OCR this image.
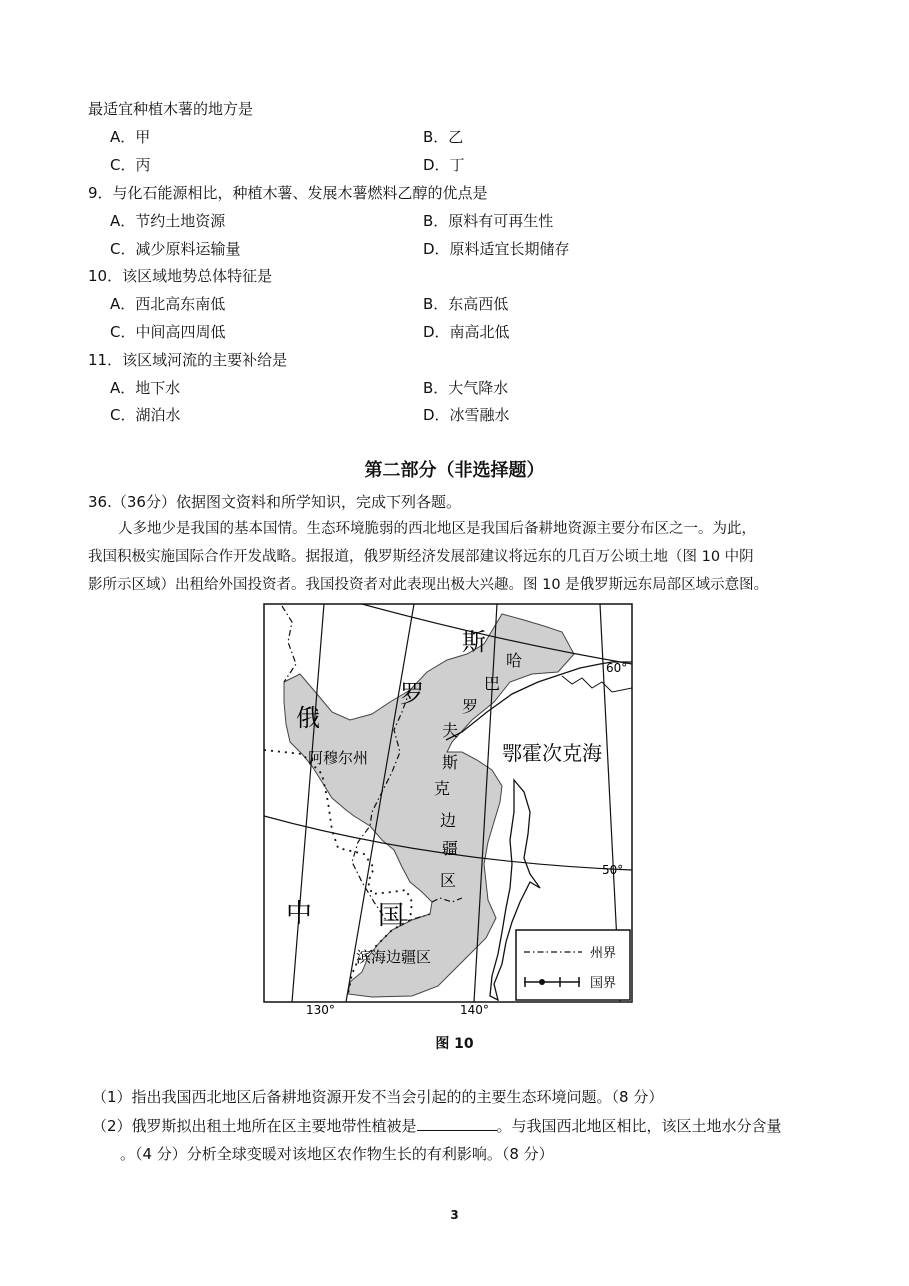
最适宜种植木薯的地方是
A．甲	B．乙
C．丙	D．丁
9．与化石能源相比，种植木薯、发展木薯燃料乙醇的优点是
A．节约土地资源	B．原料有可再生性
C．减少原料运输量	D．原料适宜长期储存
10．该区域地势总体特征是
A．西北高东南低	B．东高西低
C．中间高四周低	D．南高北低
11．该区域河流的主要补给是
A．地下水	B．大气降水
C．湖泊水	D．冰雪融水
第二部分（非选择题）
36.（36分）依据图文资料和所学知识，完成下列各题。
人多地少是我国的基本国情。生态环境脆弱的西北地区是我国后备耕地资源主要分布区之一。为此，
我国积极实施国际合作开发战略。据报道，俄罗斯经济发展部建议将远东的几百万公顷土地（图 10 中阴
影所示区域）出租给外国投资者。我国投资者对此表现出极大兴趣。图 10 是俄罗斯远东局部区域示意图。
斯
罗
俄
哈
巴
罗
夫
斯
克
边
疆
区
阿穆尔州	鄂霍次克海
中	国
滨海边疆区	州界
国界
60°
50°
130°	140°
图 10
（1）指出我国西北地区后备耕地资源开发不当会引起的的主要生态环境问题。（8 分）
（2）俄罗斯拟出租土地所在区主要地带性植被是	。与我国西北地区相比，该区土地水分含量
。（4 分）分析全球变暖对该地区农作物生长的有利影响。（8 分）
3
